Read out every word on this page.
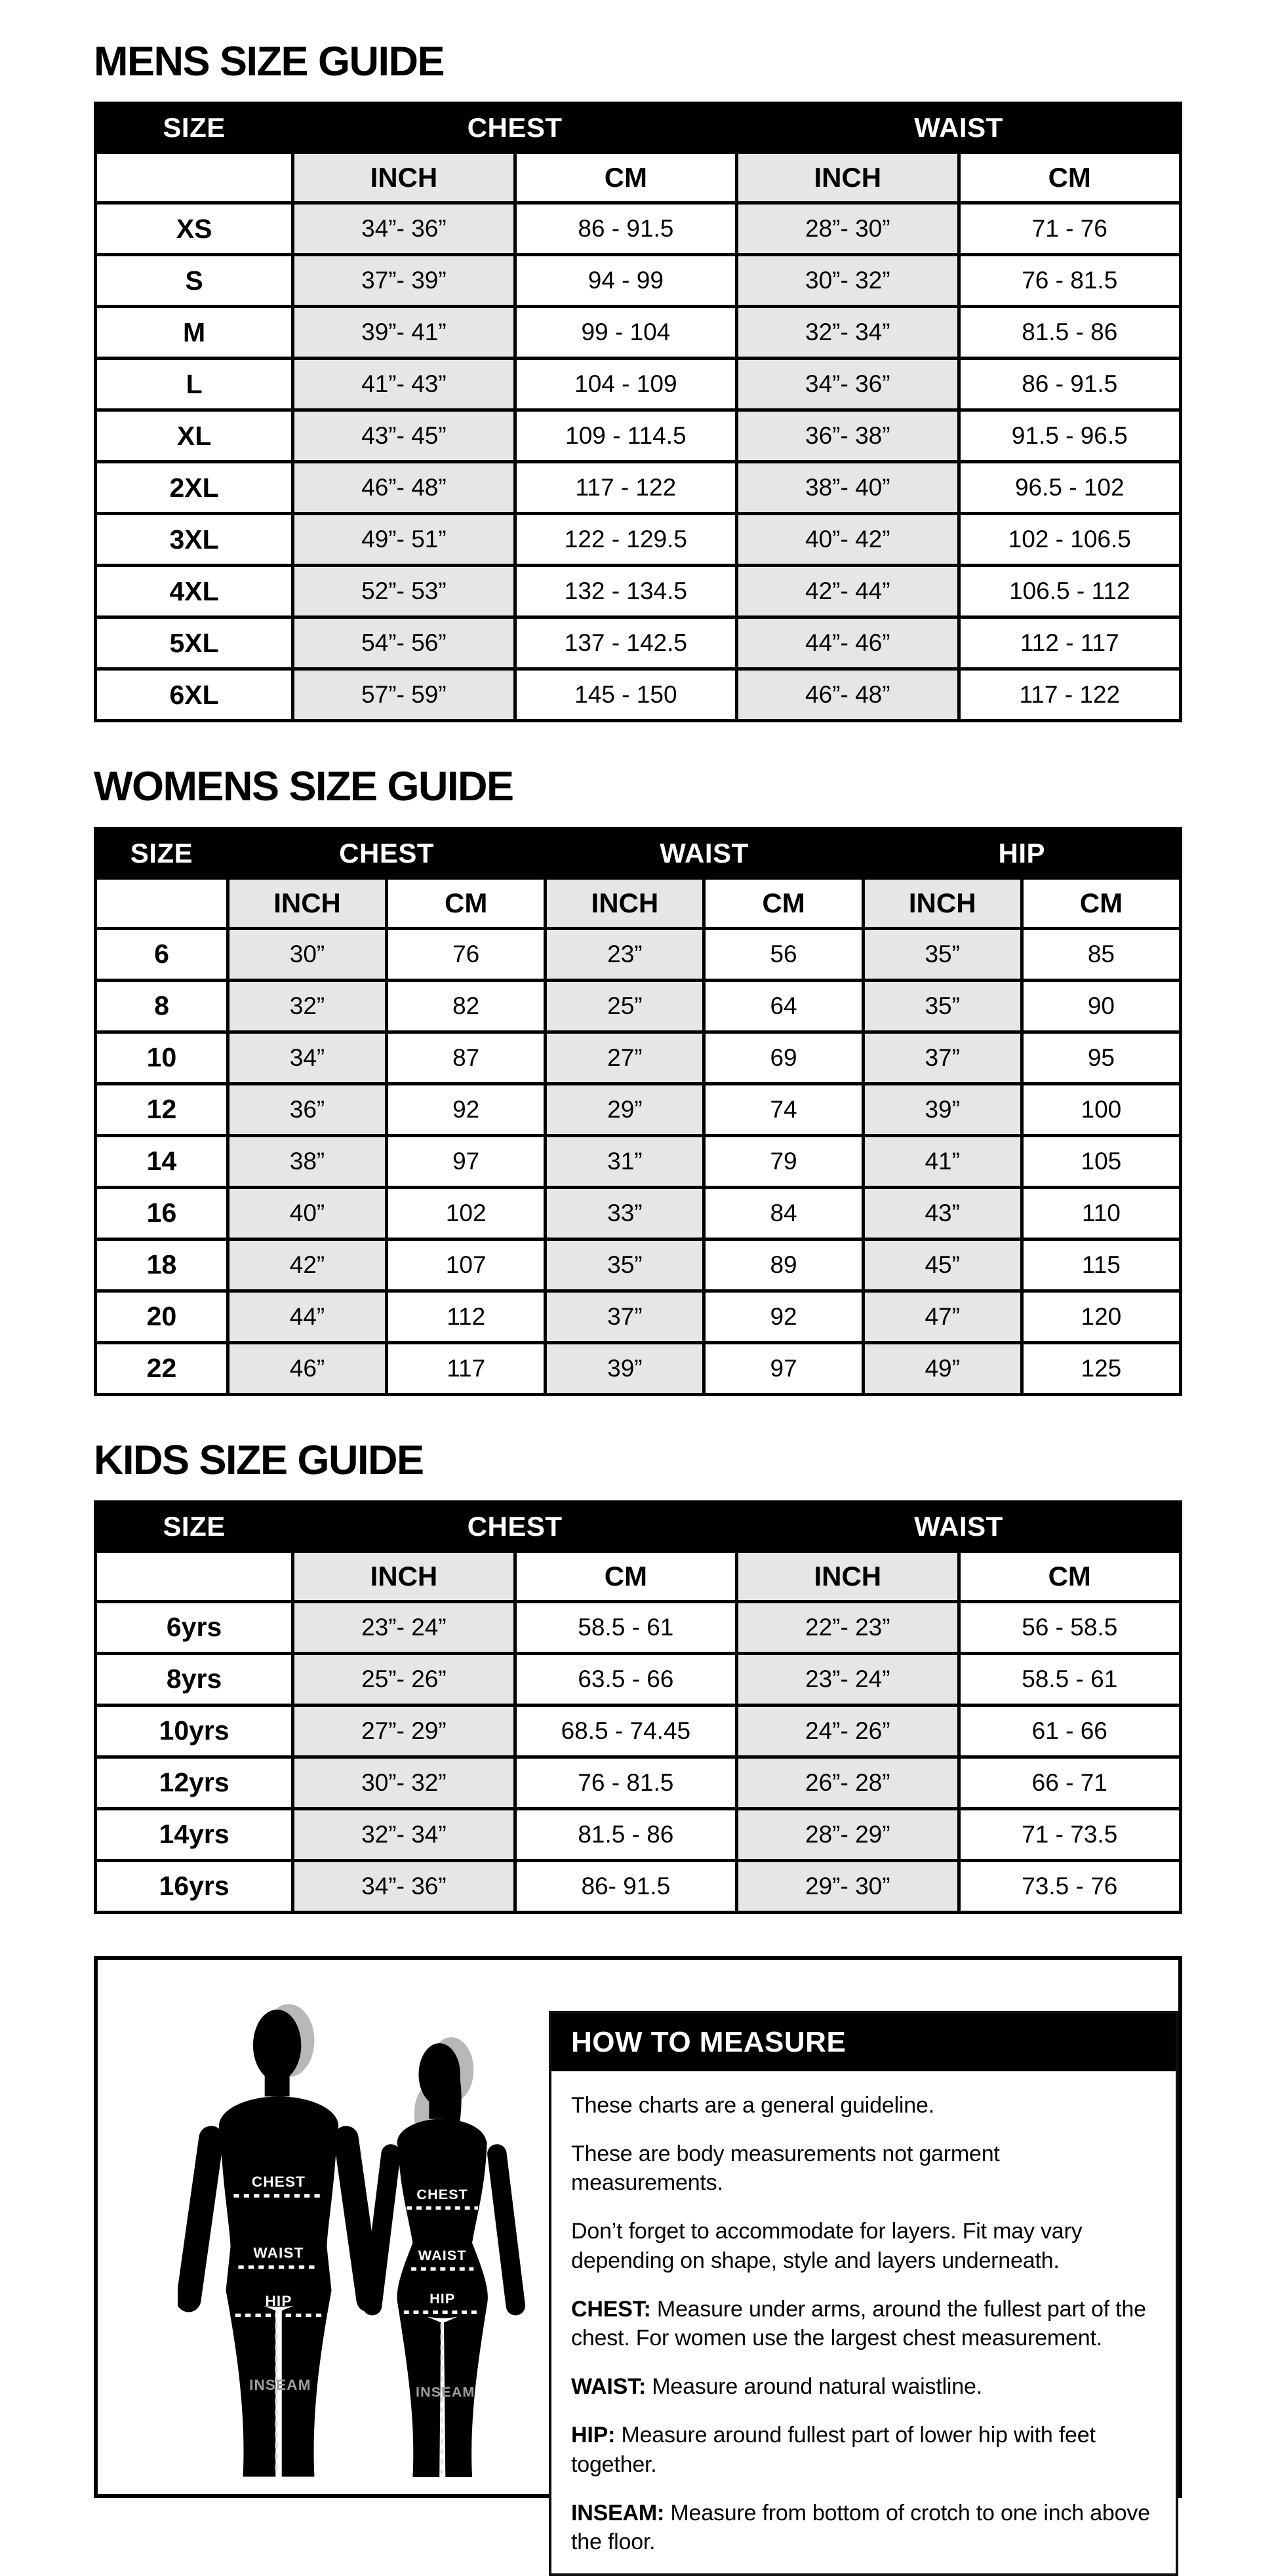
MENS SIZE GUIDE
SIZE	CHEST		WAIST	
	INCH	CM	INCH	CM
XS	34”- 36”	86 - 91.5	28”- 30”	71 - 76
S	37”- 39”	94 - 99	30”- 32”	76 - 81.5
M	39”- 41”	99 - 104	32”- 34”	81.5 - 86
L	41”- 43”	104 - 109	34”- 36”	86 - 91.5
XL	43”- 45”	109 - 114.5	36”- 38”	91.5 - 96.5
2XL	46”- 48”	117 - 122	38”- 40”	96.5 - 102
3XL	49”- 51”	122 - 129.5	40”- 42”	102 - 106.5
4XL	52”- 53”	132 - 134.5	42”- 44”	106.5 - 112
5XL	54”- 56”	137 - 142.5	44”- 46”	112 - 117
6XL	57”- 59”	145 - 150	46”- 48”	117 - 122
WOMENS SIZE GUIDE
SIZE	CHEST		WAIST		HIP	
	INCH	CM	INCH	CM	INCH	CM
6	30”	76	23”	56	35”	85
8	32”	82	25”	64	35”	90
10	34”	87	27”	69	37”	95
12	36”	92	29”	74	39”	100
14	38”	97	31”	79	41”	105
16	40”	102	33”	84	43”	110
18	42”	107	35”	89	45”	115
20	44”	112	37”	92	47”	120
22	46”	117	39”	97	49”	125
KIDS SIZE GUIDE
SIZE	CHEST		WAIST	
	INCH	CM	INCH	CM
6yrs	23”- 24”	58.5 - 61	22”- 23”	56 - 58.5
8yrs	25”- 26”	63.5 - 66	23”- 24”	58.5 - 61
10yrs	27”- 29”	68.5 - 74.45	24”- 26”	61 - 66
12yrs	30”- 32”	76 - 81.5	26”- 28”	66 - 71
14yrs	32”- 34”	81.5 - 86	28”- 29”	71 - 73.5
16yrs	34”- 36”	86- 91.5	29”- 30”	73.5 - 76
CHEST
WAIST
HIP
INSEAM
CHEST
WAIST
HIP
INSEAM
HOW TO MEASURE

These charts are a general guideline.

These are body measurements not garment measurements.

Don’t forget to accommodate for layers. Fit may vary depending on shape, style and layers underneath.

CHEST: Measure under arms, around the fullest part of the chest. For women use the largest chest measurement.

WAIST: Measure around natural waistline.

HIP: Measure around fullest part of lower hip with feet together.

INSEAM: Measure from bottom of crotch to one inch above the floor.
